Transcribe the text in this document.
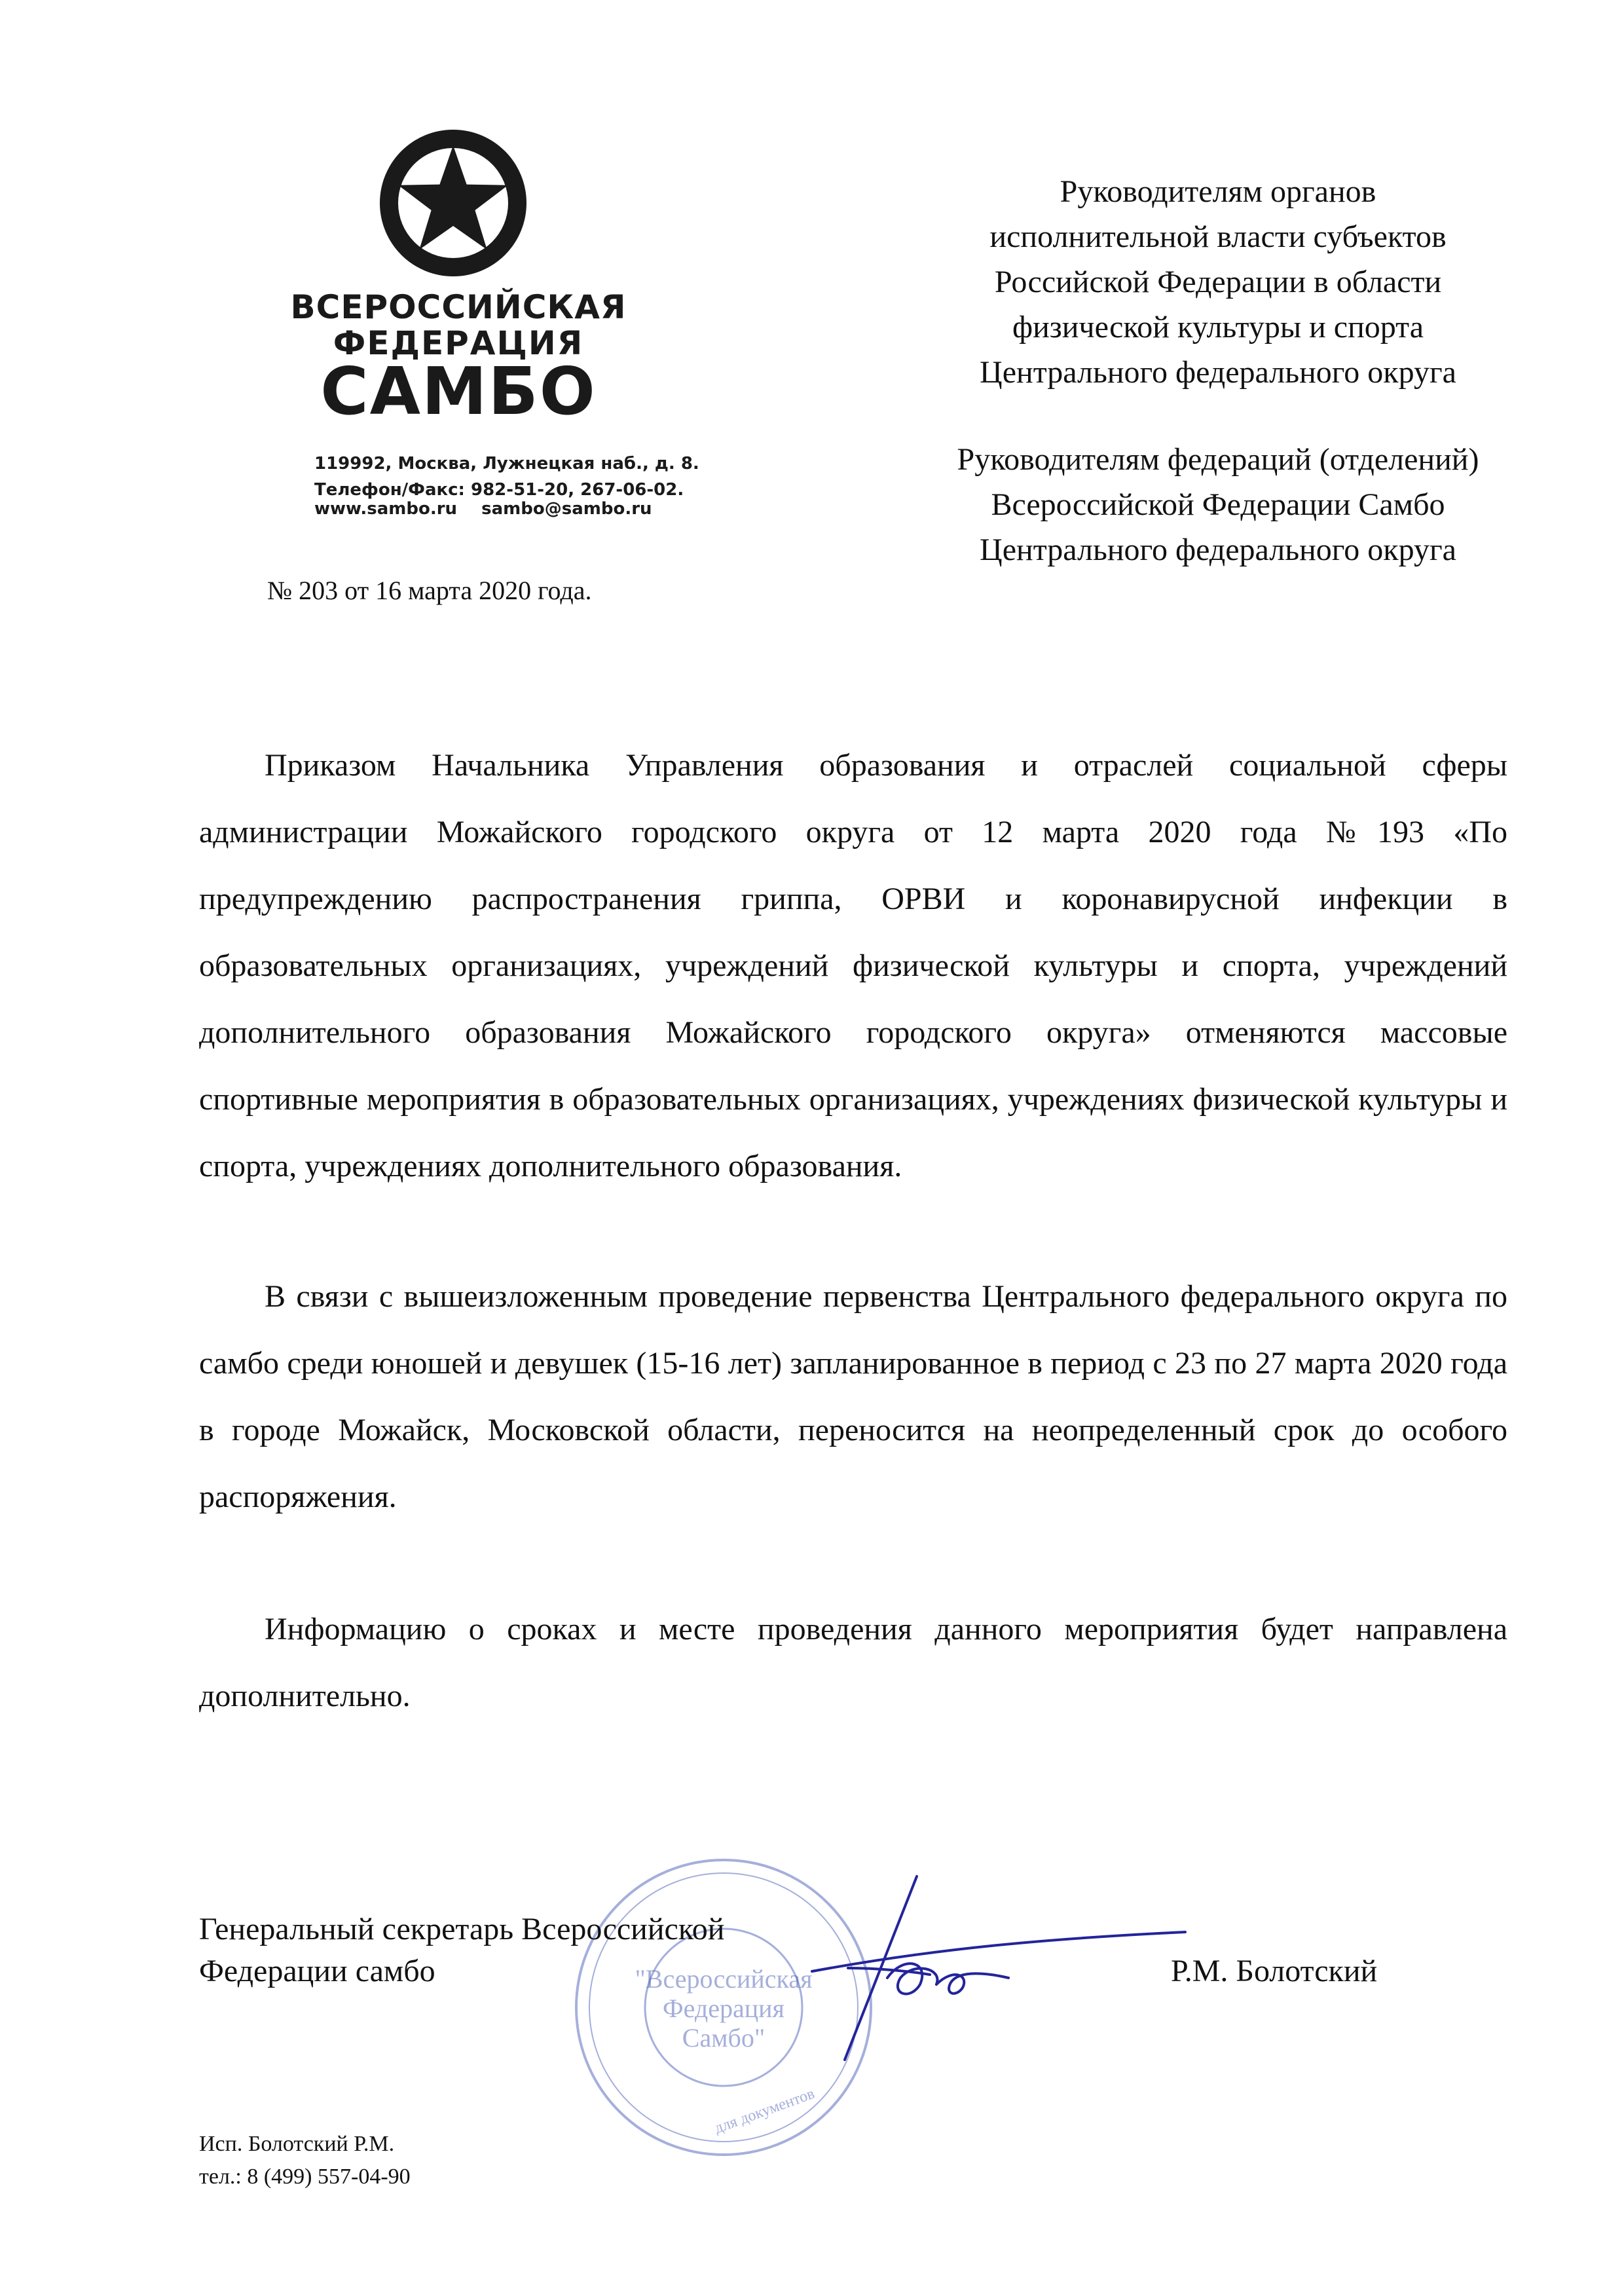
ВСЕРОССИЙСКАЯ
ФЕДЕРАЦИЯ
САМБО
119992, Москва, Лужнецкая наб., д. 8.
Телефон/Факс: 982-51-20, 267-06-02.
www.sambo.ru sambo@sambo.ru
№ 203 от 16 марта 2020 года.
Руководителям органов
исполнительной власти субъектов
Российской Федерации в области
физической культуры и спорта
Центрального федерального округа
Руководителям федераций (отделений)
Всероссийской Федерации Самбо
Центрального федерального округа

Приказом Начальника Управления образования и отраслей социальной сферы администрации Можайского городского округа от 12 марта 2020 года №193 «По предупреждению распространения гриппа, ОРВИ и коронавирусной инфекции в образовательных организациях, учреждений физической культуры и спорта, учреждений дополнительного образования Можайского городского округа» отменяются массовые спортивные мероприятия в образовательных организациях, учреждениях физической культуры и спорта, учреждениях дополнительного образования.

В связи с вышеизложенным проведение первенства Центрального федерального округа по самбо среди юношей и девушек (15-16 лет) запланированное в период с 23 по 27 марта 2020 года в городе Можайск, Московской области, переносится на неопределенный срок до особого распоряжения.

Информацию о сроках и месте проведения данного мероприятия будет направлена дополнительно.

"Всероссийская
Федерация
Самбо"
для документов
Генеральный секретарь Всероссийской
Федерации самбо	Р.М. Болотский
Исп. Болотский Р.М.
тел.: 8 (499) 557-04-90
